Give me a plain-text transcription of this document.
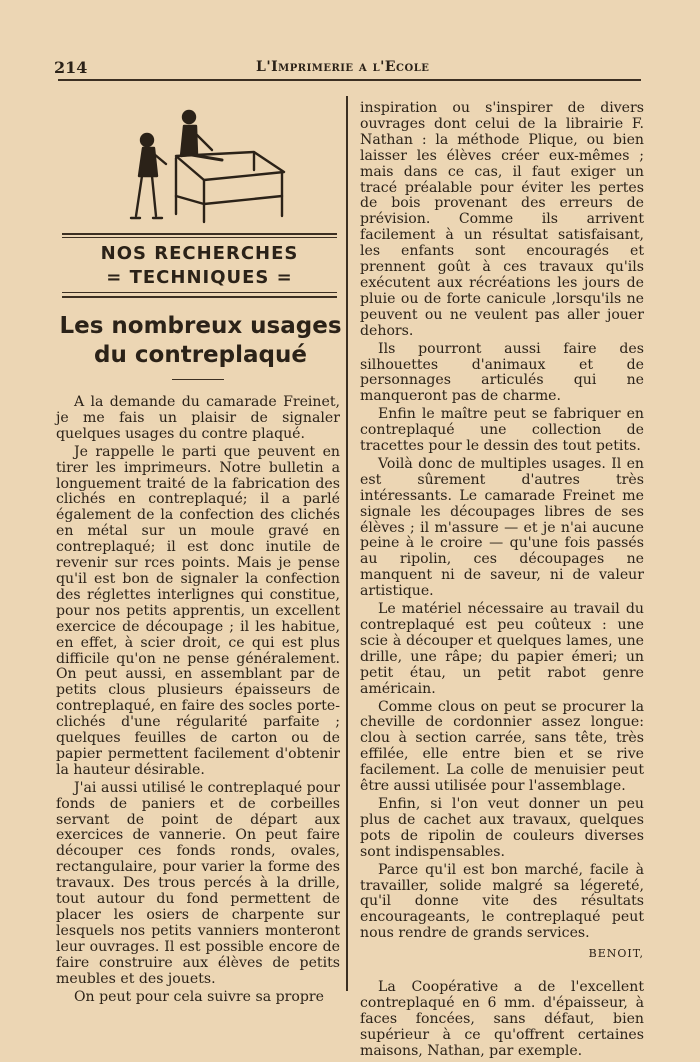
214	L'Imprimerie a l'Ecole
NOS RECHERCHES
= TECHNIQUES =
Les nombreux usages
du contreplaqué

A la demande du camarade Freinet, je me fais un plaisir de signaler quelques usages du contre plaqué.

Je rappelle le parti que peuvent en tirer les imprimeurs. Notre bulletin a longuement traité de la fabrication des clichés en contreplaqué; il a parlé également de la confection des clichés en métal sur un moule gravé en contreplaqué; il est donc inutile de revenir sur rces points. Mais je pense qu'il est bon de signaler la confection des réglettes interlignes qui constitue, pour nos petits apprentis, un excellent exercice de découpage ; il les habitue, en effet, à scier droit, ce qui est plus difficile qu'on ne pense généralement. On peut aussi, en assemblant par de petits clous plusieurs épaisseurs de contreplaqué, en faire des socles porte-clichés d'une régularité parfaite ; quelques feuilles de carton ou de papier permettent facilement d'obtenir la hauteur désirable.

J'ai aussi utilisé le contreplaqué pour fonds de paniers et de corbeilles servant de point de départ aux exercices de vannerie. On peut faire découper ces fonds ronds, ovales, rectangulaire, pour varier la forme des travaux. Des trous percés à la drille, tout autour du fond permettent de placer les osiers de charpente sur lesquels nos petits vanniers monteront leur ouvrages. Il est possible encore de faire construire aux élèves de petits meubles et des jouets.

On peut pour cela suivre sa propre

inspiration ou s'inspirer de divers ouvrages dont celui de la librairie F. Nathan : la méthode Plique, ou bien laisser les élèves créer eux-mêmes ; mais dans ce cas, il faut exiger un tracé préalable pour éviter les pertes de bois provenant des erreurs de prévision. Comme ils arrivent facilement à un résultat satisfaisant, les enfants sont encouragés et prennent goût à ces travaux qu'ils exécutent aux récréations les jours de pluie ou de forte canicule ,lorsqu'ils ne peuvent ou ne veulent pas aller jouer dehors.

Ils pourront aussi faire des silhouettes d'animaux et de personnages articulés qui ne manqueront pas de charme.

Enfin le maître peut se fabriquer en contreplaqué une collection de tracettes pour le dessin des tout petits.

Voilà donc de multiples usages. Il en est sûrement d'autres très intéressants. Le camarade Freinet me signale les découpages libres de ses élèves ; il m'assure — et je n'ai aucune peine à le croire — qu'une fois passés au ripolin, ces découpages ne manquent ni de saveur, ni de valeur artistique.

Le matériel nécessaire au travail du contreplaqué est peu coûteux : une scie à découper et quelques lames, une drille, une râpe; du papier émeri; un petit étau, un petit rabot genre américain.

Comme clous on peut se procurer la cheville de cordonnier assez longue: clou à section carrée, sans tête, très effilée, elle entre bien et se rive facilement. La colle de menuisier peut être aussi utilisée pour l'assemblage.

Enfin, si l'on veut donner un peu plus de cachet aux travaux, quelques pots de ripolin de couleurs diverses sont indispensables.

Parce qu'il est bon marché, facile à travailler, solide malgré sa légereté, qu'il donne vite des résultats encourageants, le contreplaqué peut nous rendre de grands services.

BENOIT,

La Coopérative a de l'excellent contreplaqué en 6 mm. d'épaisseur, à faces foncées, sans défaut, bien supérieur à ce qu'offrent certaines maisons, Nathan, par exemple.
